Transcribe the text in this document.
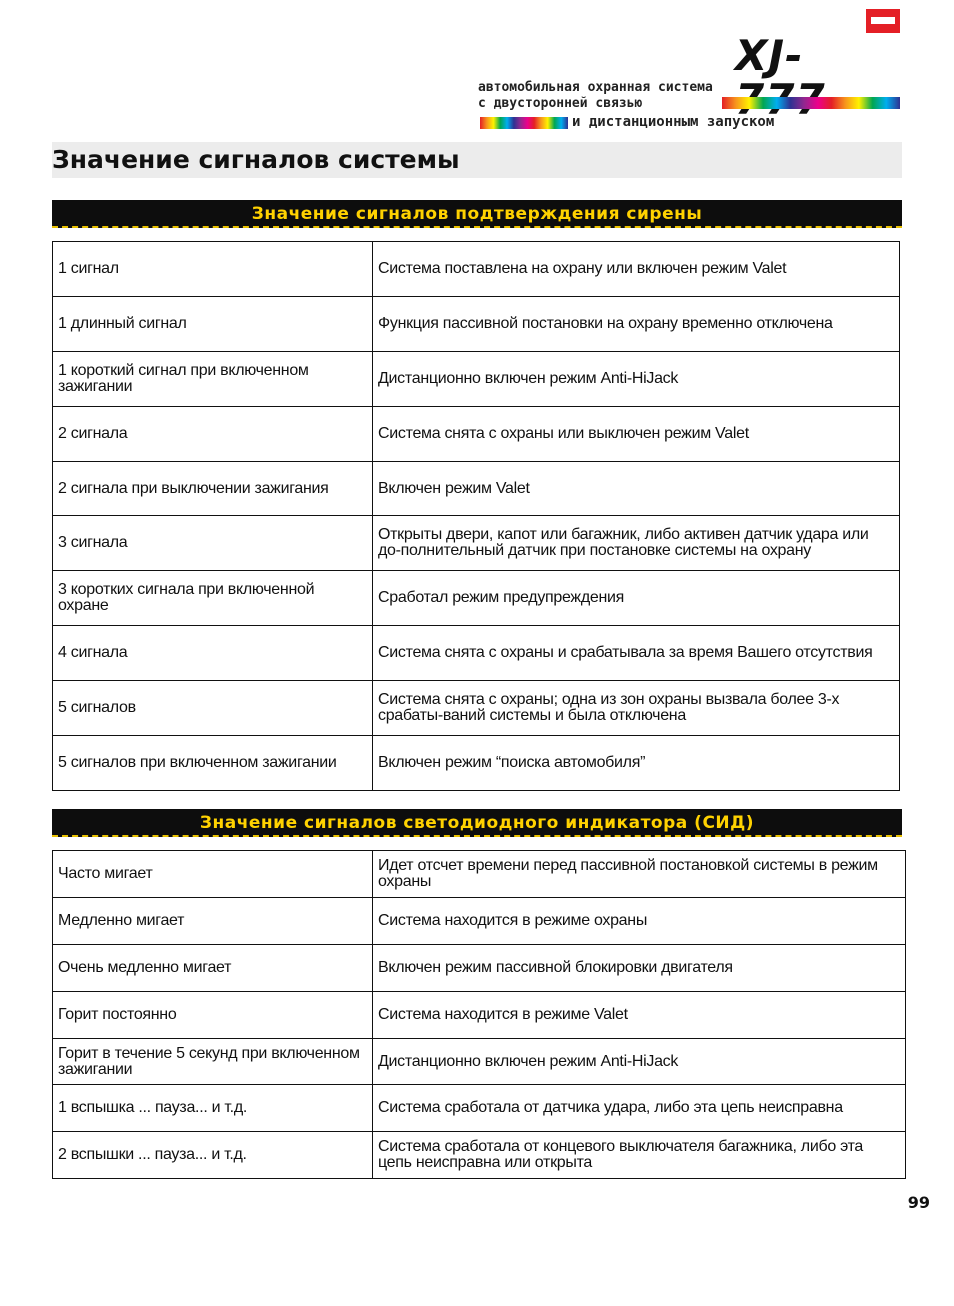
XJ-
автомобильная охранная система
с двусторонней связью
и дистанционным запуском
Значение сигналов системы
Значение сигналов подтверждения сирены
1 сигнал	Система поставлена на охрану или включен режим Valet

1 длинный сигнал	Функция пассивной постановки на охрану временно отключена

1 короткий сигнал при включенном зажигании	Дистанционно включен режим Anti-HiJack

2 сигнала	Система снята с охраны или выключен режим Valet

2 сигнала при выключении зажигания	Включен режим Valet

3 сигнала	Открыты двери, капот или багажник, либо активен датчик удара или до-полнительный датчик при постановке системы на охрану

3 коротких сигнала при включенной охране	Сработал режим предупреждения

4 сигнала	Система снята с охраны и срабатывала за время Вашего отсутствия

5 сигналов	Система снята с охраны; одна из зон охраны вызвала более 3-х срабаты-ваний системы и была отключена

5 сигналов при включенном зажигании	Включен режим “поиска автомобиля”
Значение сигналов светодиодного индикатора (СИД)
Часто мигает	Идет отсчет времени перед пассивной постановкой системы в режим охраны

Медленно мигает	Система находится в режиме охраны

Очень медленно мигает	Включен режим пассивной блокировки двигателя

Горит постоянно	Система находится в режиме Valet

Горит в течение 5 секунд при включенном зажигании	Дистанционно включен режим Anti-HiJack

1 вспышка ... пауза... и т.д.	Система сработала от датчика удара, либо эта цепь неисправна

2 вспышки ... пауза... и т.д.	Система сработала от концевого выключателя багажника, либо эта цепь неисправна или открыта
99
